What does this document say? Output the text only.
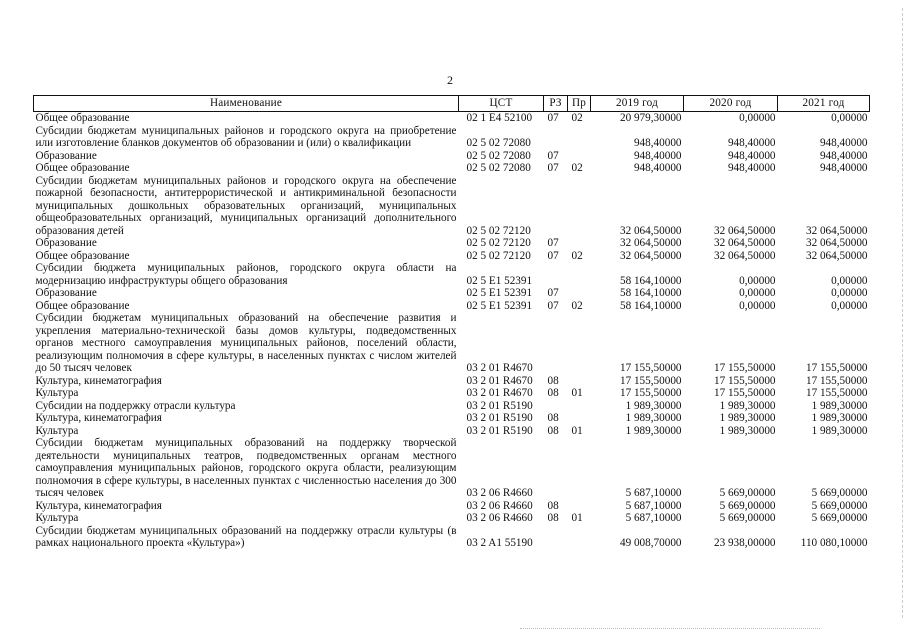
2
Наименование	ЦСТ	РЗ	Пр	2019 год	2020 год	2021 год
Общее образование	02 1 E4 52100	07	02	20 979,30000	0,00000	0,00000
Субсидии бюджетам муниципальных районов и городского округа на приобретение или изготовление бланков документов об образовании и (или) о квалификации	02 5 02 72080			948,40000	948,40000	948,40000
Образование	02 5 02 72080	07		948,40000	948,40000	948,40000
Общее образование	02 5 02 72080	07	02	948,40000	948,40000	948,40000
Субсидии бюджетам муниципальных районов и городского округа на обеспечение пожарной безопасности, антитеррористической и антикриминальной безопасности муниципальных дошкольных образовательных организаций, муниципальных общеобразовательных организаций, муниципальных организаций дополнительного образования детей	02 5 02 72120			32 064,50000	32 064,50000	32 064,50000
Образование	02 5 02 72120	07		32 064,50000	32 064,50000	32 064,50000
Общее образование	02 5 02 72120	07	02	32 064,50000	32 064,50000	32 064,50000
Субсидии бюджета муниципальных районов, городского округа области на модернизацию инфраструктуры общего образования	02 5 E1 52391			58 164,10000	0,00000	0,00000
Образование	02 5 E1 52391	07		58 164,10000	0,00000	0,00000
Общее образование	02 5 E1 52391	07	02	58 164,10000	0,00000	0,00000
Субсидии бюджетам муниципальных образований на обеспечение развития и укрепления материально-технической базы домов культуры, подведомственных органов местного самоуправления муниципальных районов, поселений области, реализующим полномочия в сфере культуры, в населенных пунктах с числом жителей до 50 тысяч человек	03 2 01 R4670			17 155,50000	17 155,50000	17 155,50000
Культура, кинематография	03 2 01 R4670	08		17 155,50000	17 155,50000	17 155,50000
Культура	03 2 01 R4670	08	01	17 155,50000	17 155,50000	17 155,50000
Субсидии на поддержку отрасли культура	03 2 01 R5190			1 989,30000	1 989,30000	1 989,30000
Культура, кинематография	03 2 01 R5190	08		1 989,30000	1 989,30000	1 989,30000
Культура	03 2 01 R5190	08	01	1 989,30000	1 989,30000	1 989,30000
Субсидии бюджетам муниципальных образований на поддержку творческой деятельности муниципальных театров, подведомственных органам местного самоуправления муниципальных районов, городского округа области, реализующим полномочия в сфере культуры, в населенных пунктах с численностью населения до 300 тысяч человек	03 2 06 R4660			5 687,10000	5 669,00000	5 669,00000
Культура, кинематография	03 2 06 R4660	08		5 687,10000	5 669,00000	5 669,00000
Культура	03 2 06 R4660	08	01	5 687,10000	5 669,00000	5 669,00000
Субсидии бюджетам муниципальных образований на поддержку отрасли культуры (в рамках национального проекта «Культура»)	03 2 A1 55190			49 008,70000	23 938,00000	110 080,10000
